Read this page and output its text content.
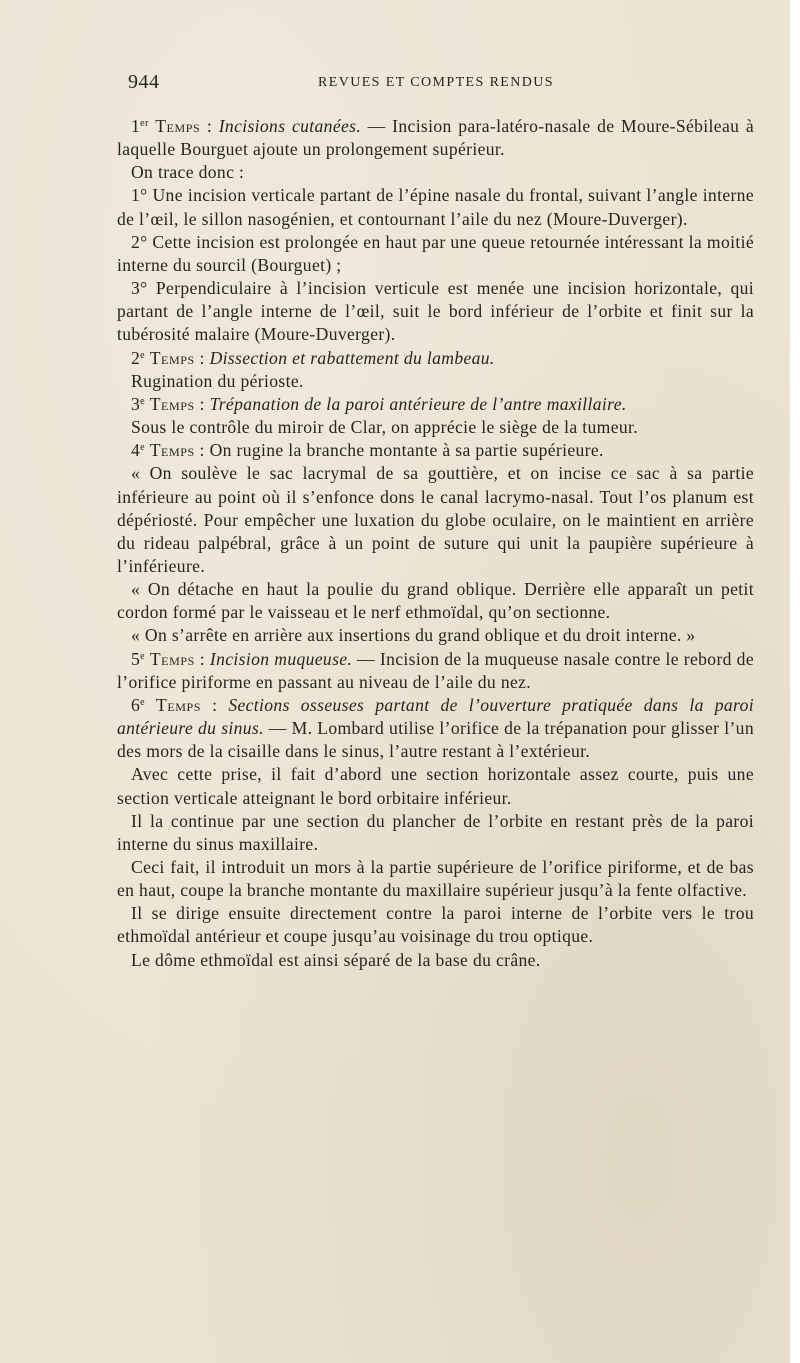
944	REVUES ET COMPTES RENDUS

1er Temps : Incisions cutanées. — Incision para-latéro-nasale de Moure-Sébileau à laquelle Bourguet ajoute un prolongement supérieur.

On trace donc :

1° Une incision verticale partant de l’épine nasale du frontal, suivant l’angle interne de l’œil, le sillon nasogénien, et contournant l’aile du nez (Moure-Duverger).

2° Cette incision est prolongée en haut par une queue retournée intéressant la moitié interne du sourcil (Bourguet) ;

3° Perpendiculaire à l’incision verticule est menée une incision horizontale, qui partant de l’angle interne de l’œil, suit le bord inférieur de l’orbite et finit sur la tubérosité malaire (Moure-Duverger).

2e Temps : Dissection et rabattement du lambeau.

Rugination du périoste.

3e Temps : Trépanation de la paroi antérieure de l’antre maxillaire.

Sous le contrôle du miroir de Clar, on apprécie le siège de la tumeur.

4e Temps : On rugine la branche montante à sa partie supérieure.

« On soulève le sac lacrymal de sa gouttière, et on incise ce sac à sa partie inférieure au point où il s’enfonce dons le canal lacrymo-nasal. Tout l’os planum est dépériosté. Pour empêcher une luxation du globe oculaire, on le maintient en arrière du rideau palpébral, grâce à un point de suture qui unit la paupière supérieure à l’inférieure.

« On détache en haut la poulie du grand oblique. Derrière elle apparaît un petit cordon formé par le vaisseau et le nerf ethmoïdal, qu’on sectionne.

« On s’arrête en arrière aux insertions du grand oblique et du droit interne. »

5e Temps : Incision muqueuse. — Incision de la muqueuse nasale contre le rebord de l’orifice piriforme en passant au niveau de l’aile du nez.

6e Temps : Sections osseuses partant de l’ouverture pratiquée dans la paroi antérieure du sinus. — M. Lombard utilise l’orifice de la trépanation pour glisser l’un des mors de la cisaille dans le sinus, l’autre restant à l’extérieur.

Avec cette prise, il fait d’abord une section horizontale assez courte, puis une section verticale atteignant le bord orbitaire inférieur.

Il la continue par une section du plancher de l’orbite en restant près de la paroi interne du sinus maxillaire.

Ceci fait, il introduit un mors à la partie supérieure de l’orifice piriforme, et de bas en haut, coupe la branche montante du maxillaire supérieur jusqu’à la fente olfactive.

Il se dirige ensuite directement contre la paroi interne de l’orbite vers le trou ethmoïdal antérieur et coupe jusqu’au voisinage du trou optique.

Le dôme ethmoïdal est ainsi séparé de la base du crâne.
